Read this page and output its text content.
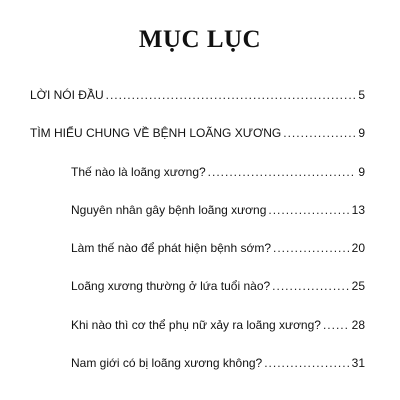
MỤC LỤC
LỜI NÓI ĐẦU .....	5
TÌM HIỂU CHUNG VỀ BỆNH LOÃNG XƯƠNG .....	9
Thế nào là loãng xương? .....	9
Nguyên nhân gây bệnh loãng xương .....	13
Làm thế nào để phát hiện bệnh sớm? .....	20
Loãng xương thường ở lứa tuổi nào? .....	25
Khi nào thì cơ thể phụ nữ xảy ra loãng xương? .....	28
Nam giới có bị loãng xương không? .....	31
